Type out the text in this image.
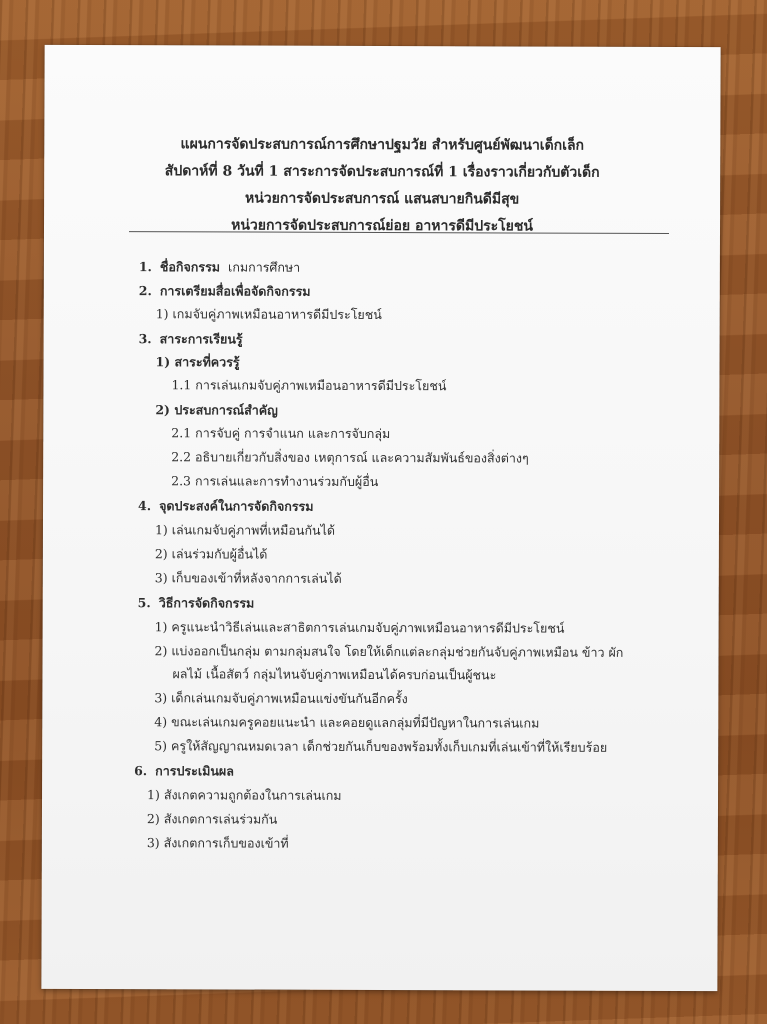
แผนการจัดประสบการณ์การศึกษาปฐมวัย สำหรับศูนย์พัฒนาเด็กเล็ก
สัปดาห์ที่ 8 วันที่ 1 สาระการจัดประสบการณ์ที่ 1 เรื่องราวเกี่ยวกับตัวเด็ก
หน่วยการจัดประสบการณ์ แสนสบายกินดีมีสุข
หน่วยการจัดประสบการณ์ย่อย อาหารดีมีประโยชน์
1. ชื่อกิจกรรม เกมการศึกษา
2. การเตรียมสื่อเพื่อจัดกิจกรรม
1) เกมจับคู่ภาพเหมือนอาหารดีมีประโยชน์
3. สาระการเรียนรู้
1) สาระที่ควรรู้
1.1 การเล่นเกมจับคู่ภาพเหมือนอาหารดีมีประโยชน์
2) ประสบการณ์สำคัญ
2.1 การจับคู่ การจำแนก และการจับกลุ่ม
2.2 อธิบายเกี่ยวกับสิ่งของ เหตุการณ์ และความสัมพันธ์ของสิ่งต่างๆ
2.3 การเล่นและการทำงานร่วมกับผู้อื่น
4. จุดประสงค์ในการจัดกิจกรรม
1) เล่นเกมจับคู่ภาพที่เหมือนกันได้
2) เล่นร่วมกับผู้อื่นได้
3) เก็บของเข้าที่หลังจากการเล่นได้
5. วิธีการจัดกิจกรรม
1) ครูแนะนำวิธีเล่นและสาธิตการเล่นเกมจับคู่ภาพเหมือนอาหารดีมีประโยชน์
2) แบ่งออกเป็นกลุ่ม ตามกลุ่มสนใจ โดยให้เด็กแต่ละกลุ่มช่วยกันจับคู่ภาพเหมือน ข้าว ผัก
ผลไม้ เนื้อสัตว์ กลุ่มไหนจับคู่ภาพเหมือนได้ครบก่อนเป็นผู้ชนะ
3) เด็กเล่นเกมจับคู่ภาพเหมือนแข่งขันกันอีกครั้ง
4) ขณะเล่นเกมครูคอยแนะนำ และคอยดูแลกลุ่มที่มีปัญหาในการเล่นเกม
5) ครูให้สัญญาณหมดเวลา เด็กช่วยกันเก็บของพร้อมทั้งเก็บเกมที่เล่นเข้าที่ให้เรียบร้อย
6. การประเมินผล
1) สังเกตความถูกต้องในการเล่นเกม
2) สังเกตการเล่นร่วมกัน
3) สังเกตการเก็บของเข้าที่
